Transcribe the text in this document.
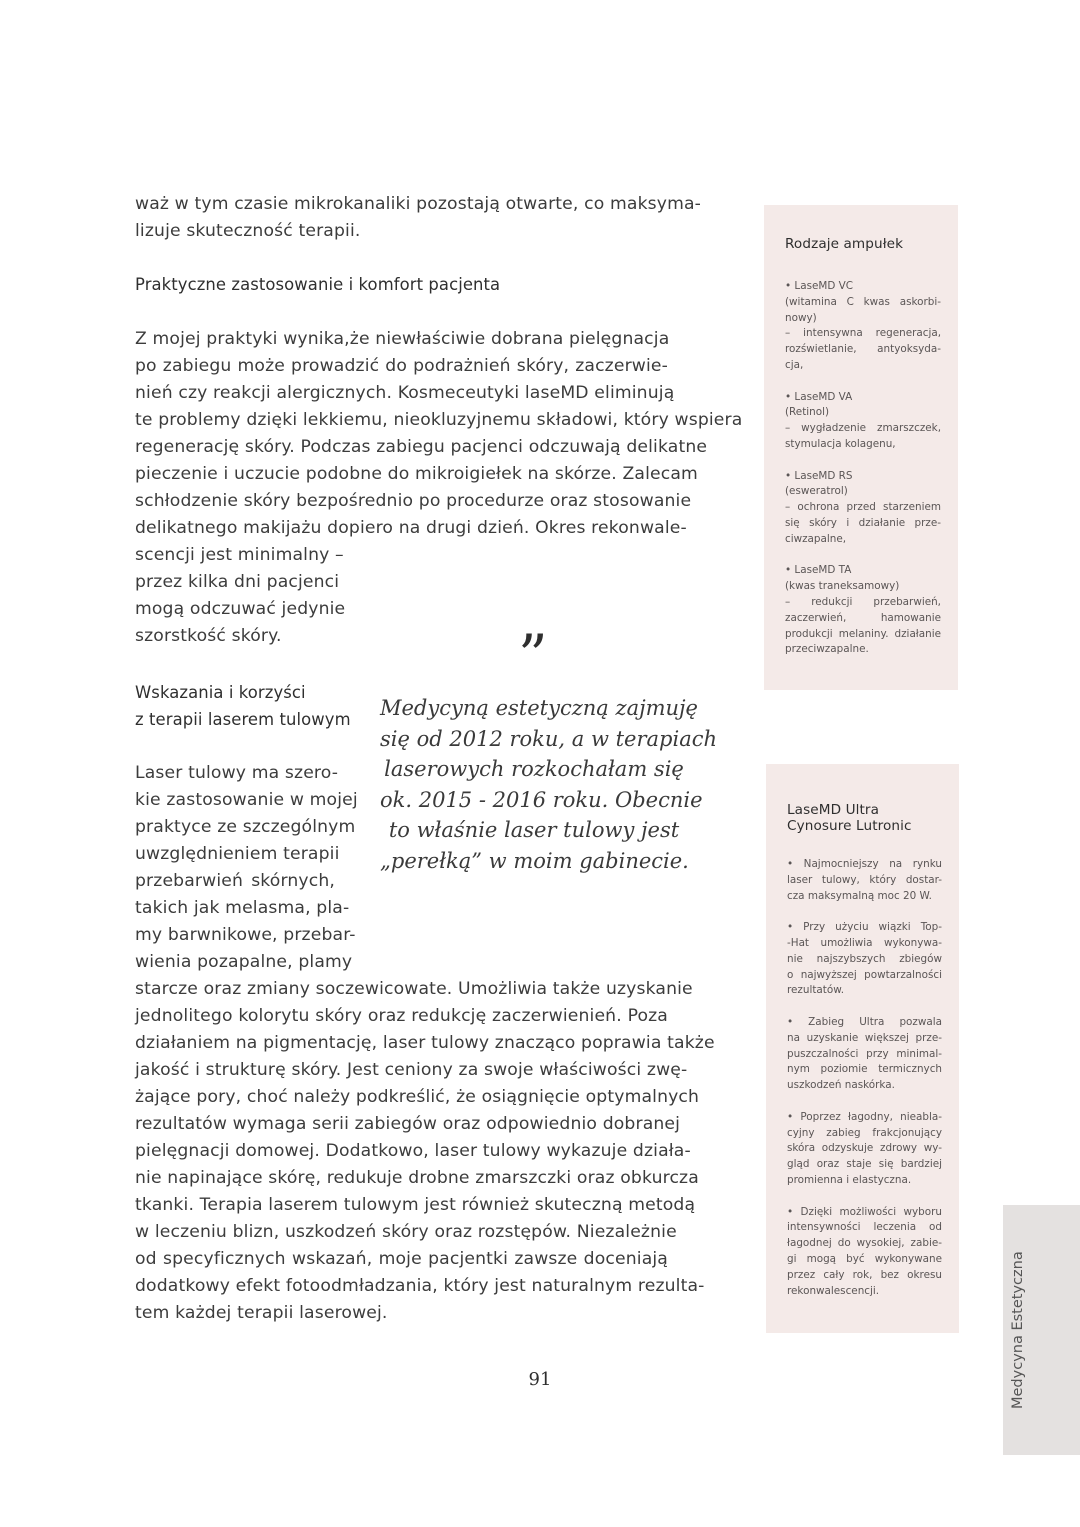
waż w tym czasie mikrokanaliki pozostają otwarte, co maksyma-
lizuje skuteczność terapii.
Praktyczne zastosowanie i komfort pacjenta
Z mojej praktyki wynika,że niewłaściwie dobrana pielęgnacja
po zabiegu może prowadzić do podrażnień skóry, zaczerwie-
nień czy reakcji alergicznych. Kosmeceutyki laseMD eliminują
te problemy dzięki lekkiemu, nieokluzyjnemu składowi, który wspiera
regenerację skóry. Podczas zabiegu pacjenci odczuwają delikatne
pieczenie i uczucie podobne do mikroigiełek na skórze. Zalecam
schłodzenie skóry bezpośrednio po procedurze oraz stosowanie
delikatnego makijażu dopiero na drugi dzień. Okres rekonwale-
scencji jest minimalny –
przez kilka dni pacjenci
mogą odczuwać jedynie
szorstkość skóry.
Wskazania i korzyści
z terapii laserem tulowym
Laser tulowy ma szero-
kie zastosowanie w mojej
praktyce ze szczególnym
uwzględnieniem terapii
przebarwień skórnych,
takich jak melasma, pla-
my barwnikowe, przebar-
wienia pozapalne, plamy
starcze oraz zmiany soczewicowate. Umożliwia także uzyskanie
jednolitego kolorytu skóry oraz redukcję zaczerwienień. Poza
działaniem na pigmentację, laser tulowy znacząco poprawia także
jakość i strukturę skóry. Jest ceniony za swoje właściwości zwę-
żające pory, choć należy podkreślić, że osiągnięcie optymalnych
rezultatów wymaga serii zabiegów oraz odpowiednio dobranej
pielęgnacji domowej. Dodatkowo, laser tulowy wykazuje działa-
nie napinające skórę, redukuje drobne zmarszczki oraz obkurcza
tkanki. Terapia laserem tulowym jest również skuteczną metodą
w leczeniu blizn, uszkodzeń skóry oraz rozstępów. Niezależnie
od specyficznych wskazań, moje pacjentki zawsze doceniają
dodatkowy efekt fotoodmładzania, który jest naturalnym rezulta-
tem każdej terapii laserowej.
”
Medycyną estetyczną zajmuję
się od 2012 roku, a w terapiach
laserowych rozkochałam się
ok. 2015 - 2016 roku. Obecnie
to właśnie laser tulowy jest
„perełką” w moim gabinecie.
Rodzaje ampułek
• LaseMD VC
(witamina C kwas askorbi-
nowy)
– intensywna regeneracja,
rozświetlanie, antyoksyda-
cja,
• LaseMD VA
(Retinol)
– wygładzenie zmarszczek,
stymulacja kolagenu,
• LaseMD RS
(esweratrol)
– ochrona przed starzeniem
się skóry i działanie prze-
ciwzapalne,
• LaseMD TA
(kwas traneksamowy)
– redukcji przebarwień,
zaczerwień, hamowanie
produkcji melaniny. działanie
przeciwzapalne.
LaseMD Ultra
Cynosure Lutronic
• Najmocniejszy na rynku
laser tulowy, który dostar-
cza maksymalną moc 20 W.
• Przy użyciu wiązki Top-
-Hat umożliwia wykonywa-
nie najszybszych zbiegów
o najwyższej powtarzalności
rezultatów.
• Zabieg Ultra pozwala
na uzyskanie większej prze-
puszczalności przy minimal-
nym poziomie termicznych
uszkodzeń naskórka.
• Poprzez łagodny, nieabla-
cyjny zabieg frakcjonujący
skóra odzyskuje zdrowy wy-
gląd oraz staje się bardziej
promienna i elastyczna.
• Dzięki możliwości wyboru
intensywności leczenia od
łagodnej do wysokiej, zabie-
gi mogą być wykonywane
przez cały rok, bez okresu
rekonwalescencji.
91	Medycyna Estetyczna
